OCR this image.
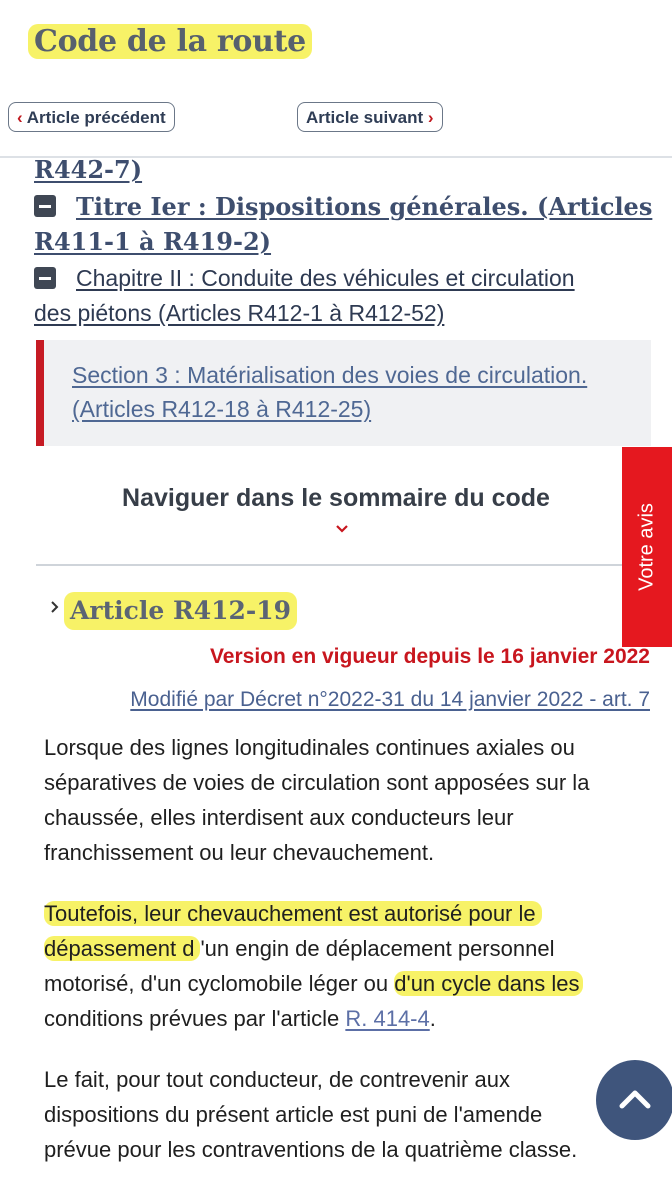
Code de la route
‹ Article précédent	Article suivant ›
R442-7)
Titre Ier : Dispositions générales. (Articles
R411-1 à R419-2)
Chapitre II : Conduite des véhicules et circulation
des piétons (Articles R412-1 à R412-52)
Section 3 : Matérialisation des voies de circulation.
(Articles R412-18 à R412-25)
Naviguer dans le sommaire du code
Votre avis
Article R412-19
Version en vigueur depuis le 16 janvier 2022
Modifié par Décret n°2022-31 du 14 janvier 2022 - art. 7
Lorsque des lignes longitudinales continues axiales ou
séparatives de voies de circulation sont apposées sur la
chaussée, elles interdisent aux conducteurs leur
franchissement ou leur chevauchement.
Toutefois, leur chevauchement est autorisé pour le
dépassement d 'un engin de déplacement personnel
motorisé, d'un cyclomobile léger ou d'un cycle dans les
conditions prévues par l'article R. 414-4.
Le fait, pour tout conducteur, de contrevenir aux
dispositions du présent article est puni de l'amende
prévue pour les contraventions de la quatrième classe.
